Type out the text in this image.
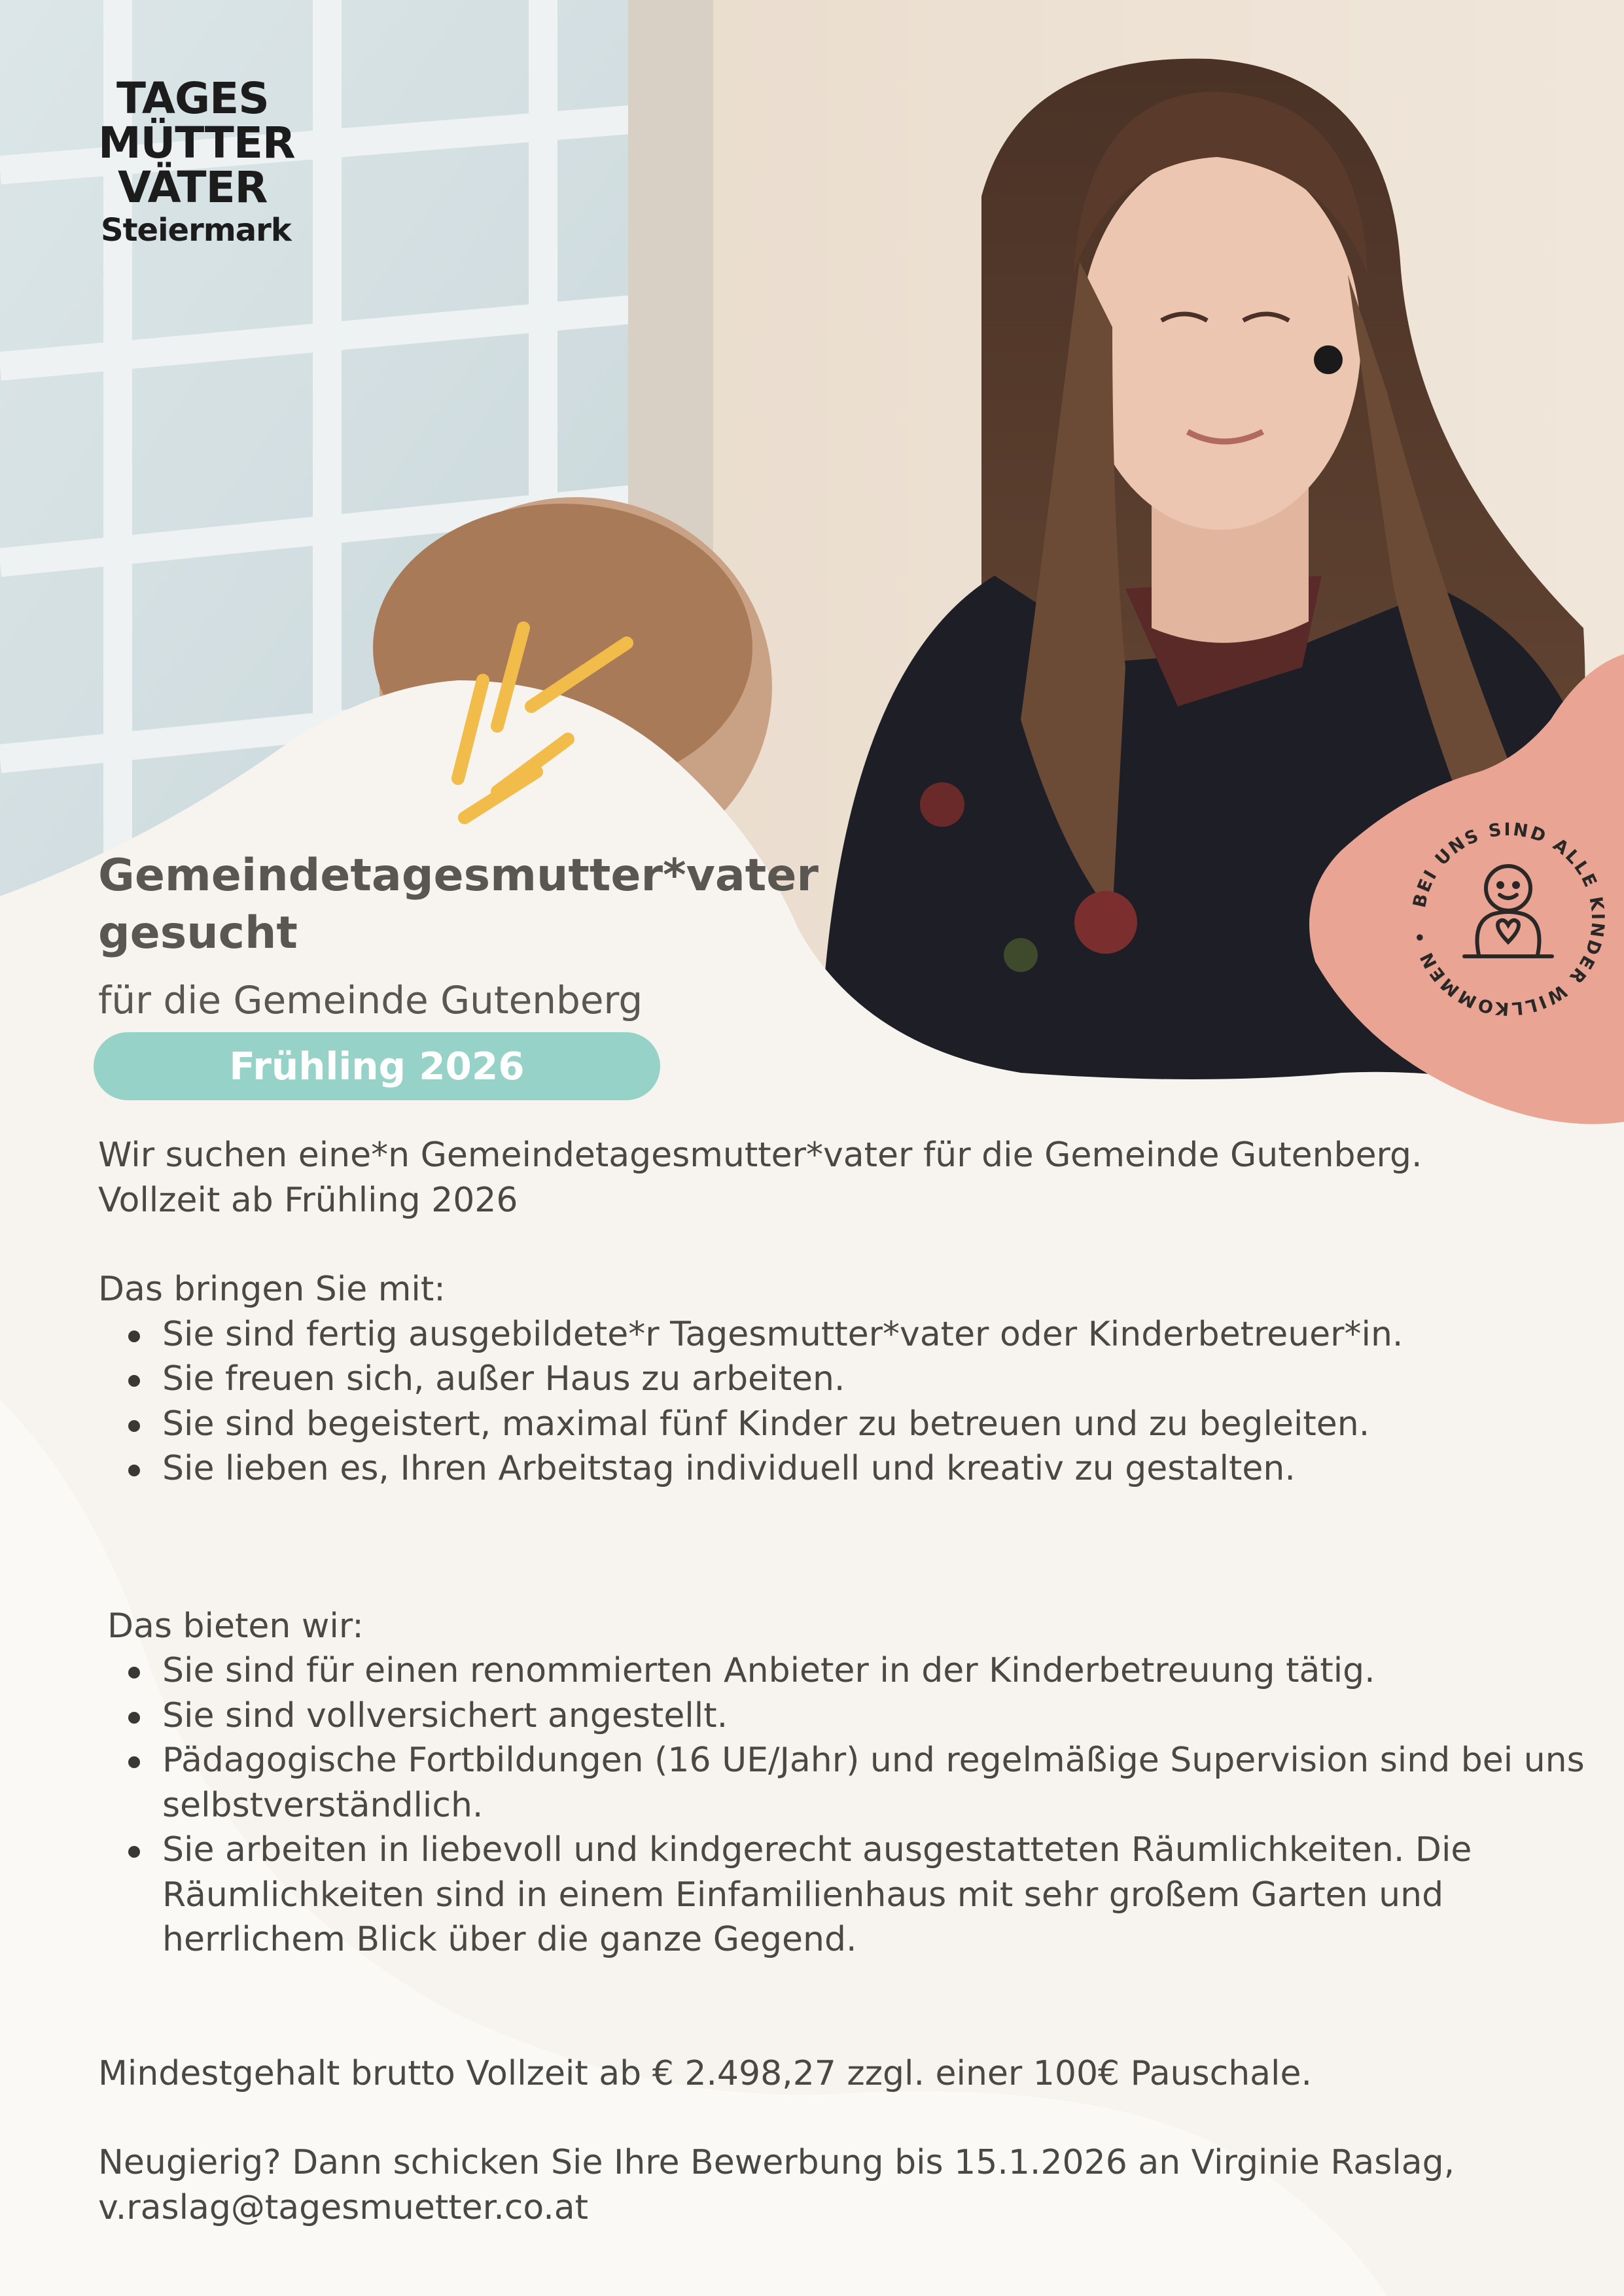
TAGES
MÜTTER
VÄTER
Steiermark
BEI UNS SIND ALLE KINDER WILLKOMMEN •
Gemeindetagesmutter*vater gesucht
für die Gemeinde Gutenberg
Frühling 2026

Wir suchen eine*n Gemeindetagesmutter*vater für die Gemeinde Gutenberg.

Vollzeit ab Frühling 2026

Das bringen Sie mit:

Sie sind fertig ausgebildete*r Tagesmutter*vater oder Kinderbetreuer*in.
Sie freuen sich, außer Haus zu arbeiten.
Sie sind begeistert, maximal fünf Kinder zu betreuen und zu begleiten.
Sie lieben es, Ihren Arbeitstag individuell und kreativ zu gestalten.

Das bieten wir:

Sie sind für einen renommierten Anbieter in der Kinderbetreuung tätig.
Sie sind vollversichert angestellt.
Pädagogische Fortbildungen (16 UE/Jahr) und regelmäßige Supervision sind bei uns selbstverständlich.
Sie arbeiten in liebevoll und kindgerecht ausgestatteten Räumlichkeiten. Die Räumlichkeiten sind in einem Einfamilienhaus mit sehr großem Garten und herrlichem Blick über die ganze Gegend.

Mindestgehalt brutto Vollzeit ab € 2.498,27 zzgl. einer 100€ Pauschale.

Neugierig? Dann schicken Sie Ihre Bewerbung bis 15.1.2026 an Virginie Raslag,

v.raslag@tagesmuetter.co.at
